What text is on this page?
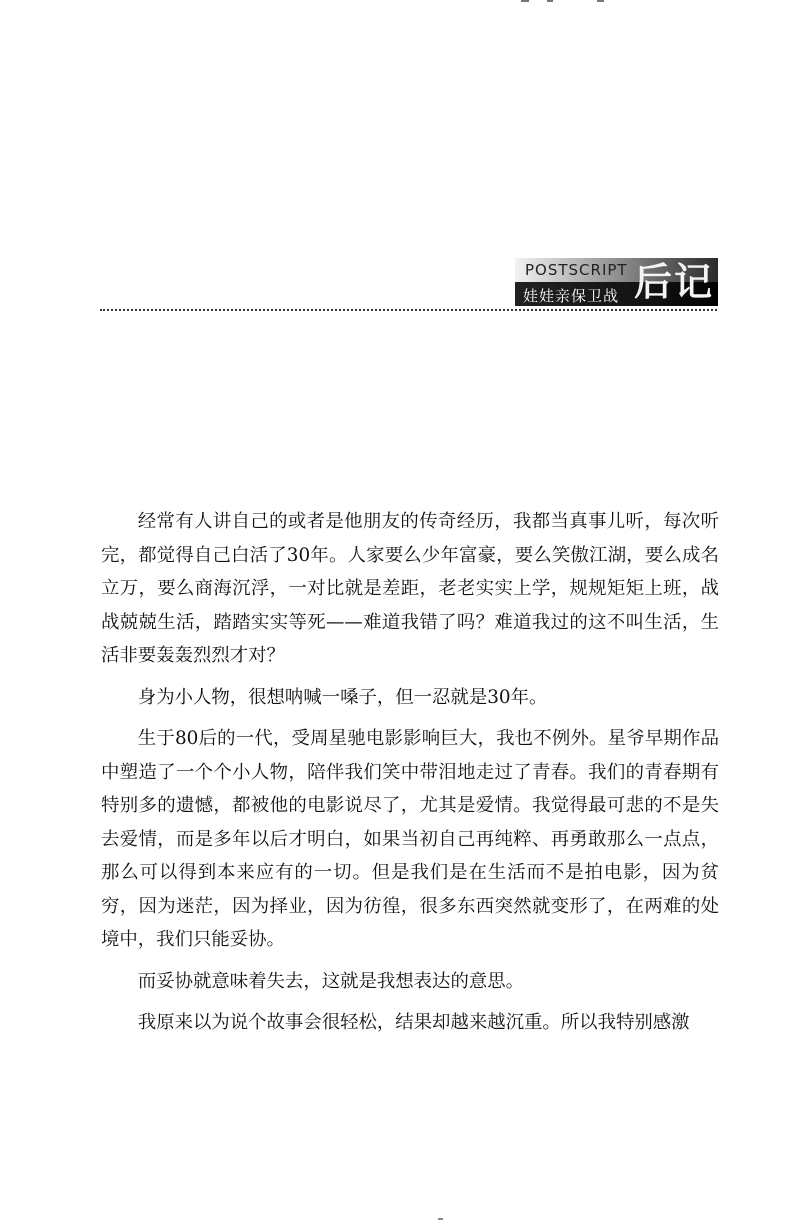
POSTSCRIPT
娃娃亲保卫战 后记

经常有人讲自己的或者是他朋友的传奇经历，我都当真事儿听，每次听完，都觉得自己白活了30年。人家要么少年富豪，要么笑傲江湖，要么成名立万，要么商海沉浮，一对比就是差距，老老实实上学，规规矩矩上班，战战兢兢生活，踏踏实实等死——难道我错了吗？难道我过的这不叫生活，生活非要轰轰烈烈才对？

身为小人物，很想呐喊一嗓子，但一忍就是30年。

生于80后的一代，受周星驰电影影响巨大，我也不例外。星爷早期作品中塑造了一个个小人物，陪伴我们笑中带泪地走过了青春。我们的青春期有特别多的遗憾，都被他的电影说尽了，尤其是爱情。我觉得最可悲的不是失去爱情，而是多年以后才明白，如果当初自己再纯粹、再勇敢那么一点点，那么可以得到本来应有的一切。但是我们是在生活而不是拍电影，因为贫穷，因为迷茫，因为择业，因为彷徨，很多东西突然就变形了，在两难的处境中，我们只能妥协。

而妥协就意味着失去，这就是我想表达的意思。

我原来以为说个故事会很轻松，结果却越来越沉重。所以我特别感激
